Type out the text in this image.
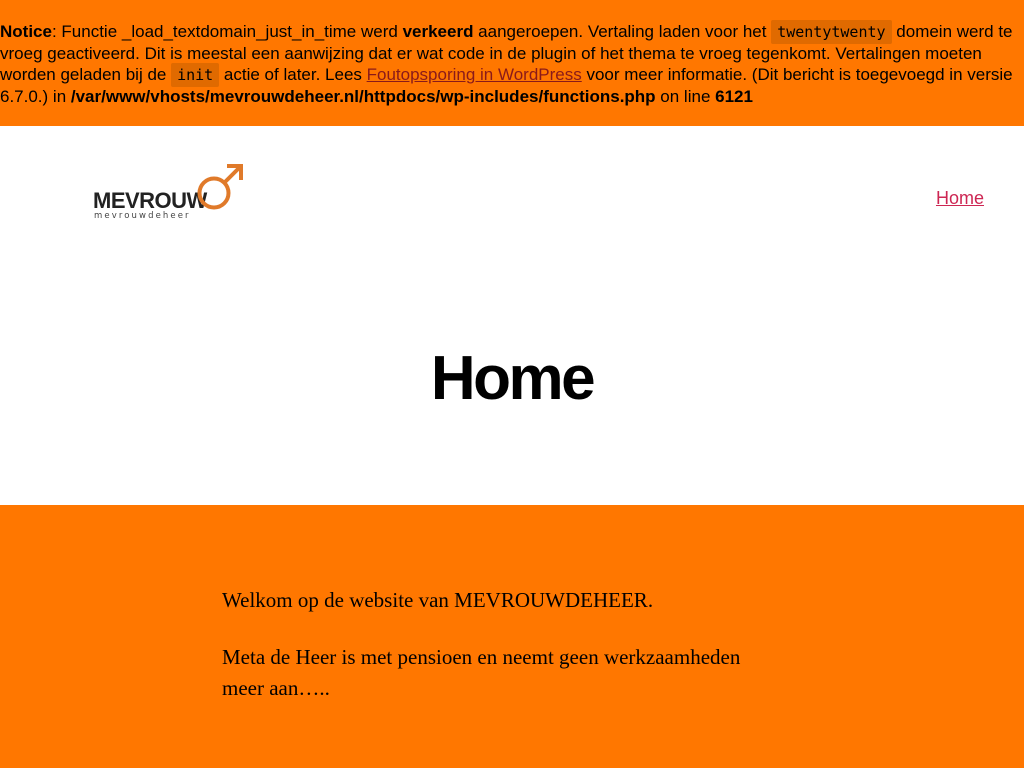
Notice: Functie _load_textdomain_just_in_time werd verkeerd aangeroepen. Vertaling laden voor het twentytwenty domein werd te vroeg geactiveerd. Dit is meestal een aanwijzing dat er wat code in de plugin of het thema te vroeg tegenkomt. Vertalingen moeten worden geladen bij de init actie of later. Lees Foutopsporing in WordPress voor meer informatie. (Dit bericht is toegevoegd in versie 6.7.0.) in /var/www/vhosts/mevrouwdeheer.nl/httpdocs/wp-includes/functions.php on line 6121
MEVROUW
mevrouwdeheer
Home
Home

Welkom op de website van MEVROUWDEHEER.

Meta de Heer is met pensioen en neemt geen werkzaamheden meer aan…..
